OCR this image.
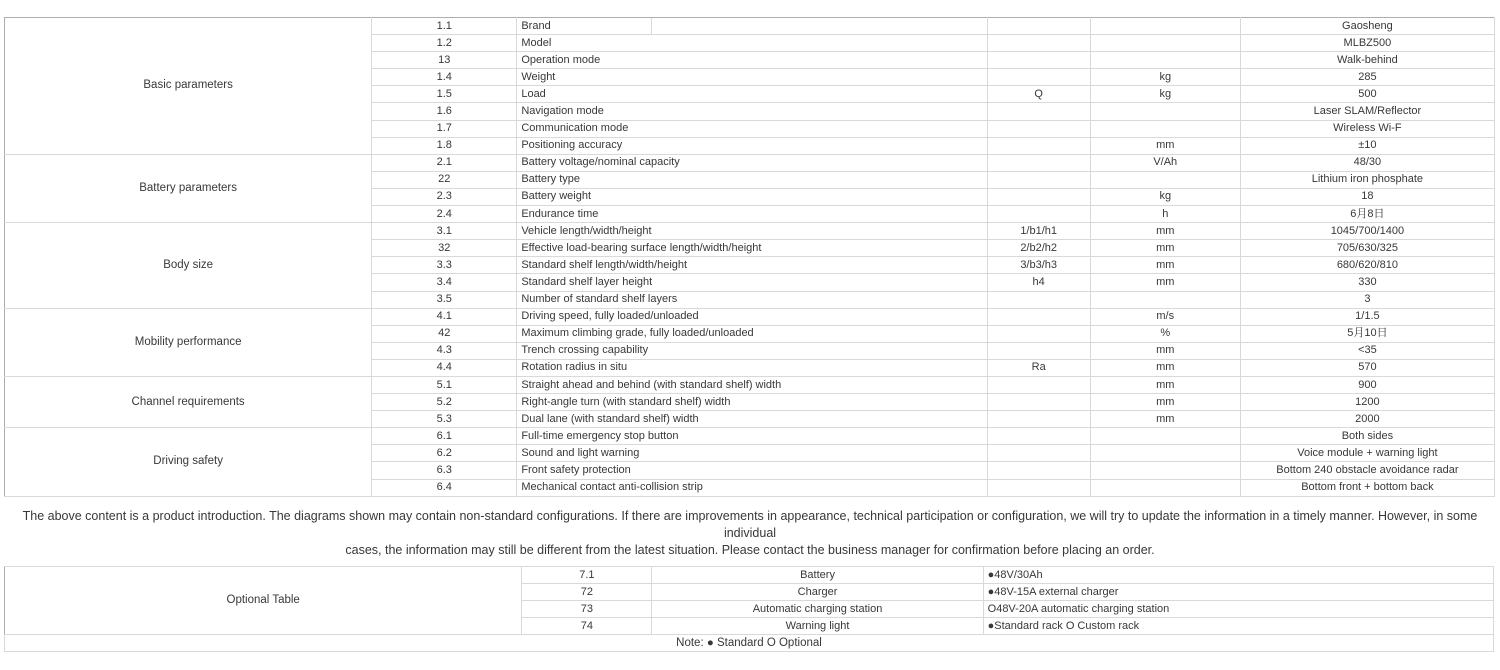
Basic parameters	1.1	Brand			Gaosheng
	1.2	Model			MLBZ500
	13	Operation mode			Walk-behind
	1.4	Weight		kg	285
	1.5	Load	Q	kg	500
	1.6	Navigation mode			Laser SLAM/Reflector
	1.7	Communication mode			Wireless Wi-F
	1.8	Positioning accuracy		mm	±10
Battery parameters	2.1	Battery voltage/nominal capacity		V/Ah	48/30
	22	Battery type			Lithium iron phosphate
	2.3	Battery weight		kg	18
	2.4	Endurance time		h	6月8日
Body size	3.1	Vehicle length/width/height	1/b1/h1	mm	1045/700/1400
	32	Effective load-bearing surface length/width/height	2/b2/h2	mm	705/630/325
	3.3	Standard shelf length/width/height	3/b3/h3	mm	680/620/810
	3.4	Standard shelf layer height	h4	mm	330
	3.5	Number of standard shelf layers			3
Mobility performance	4.1	Driving speed, fully loaded/unloaded		m/s	1/1.5
	42	Maximum climbing grade, fully loaded/unloaded		%	5月10日
	4.3	Trench crossing capability		mm	<35
	4.4	Rotation radius in situ	Ra	mm	570
Channel requirements	5.1	Straight ahead and behind (with standard shelf) width		mm	900
	5.2	Right-angle turn (with standard shelf) width		mm	1200
	5.3	Dual lane (with standard shelf) width		mm	2000
Driving safety	6.1	Full-time emergency stop button			Both sides
	6.2	Sound and light warning			Voice module + warning light
	6.3	Front safety protection			Bottom 240 obstacle avoidance radar
	6.4	Mechanical contact anti-collision strip			Bottom front + bottom back
The above content is a product introduction. The diagrams shown may contain non-standard configurations. If there are improvements in appearance, technical participation or configuration, we will try to update the information in a timely manner. However, in some individual
cases, the information may still be different from the latest situation. Please contact the business manager for confirmation before placing an order.
Optional Table	7.1	Battery	●48V/30Ah
	72	Charger	●48V-15A external charger
	73	Automatic charging station	O48V-20A automatic charging station
	74	Warning light	●Standard rack O Custom rack
Note: ● Standard O Optional			
